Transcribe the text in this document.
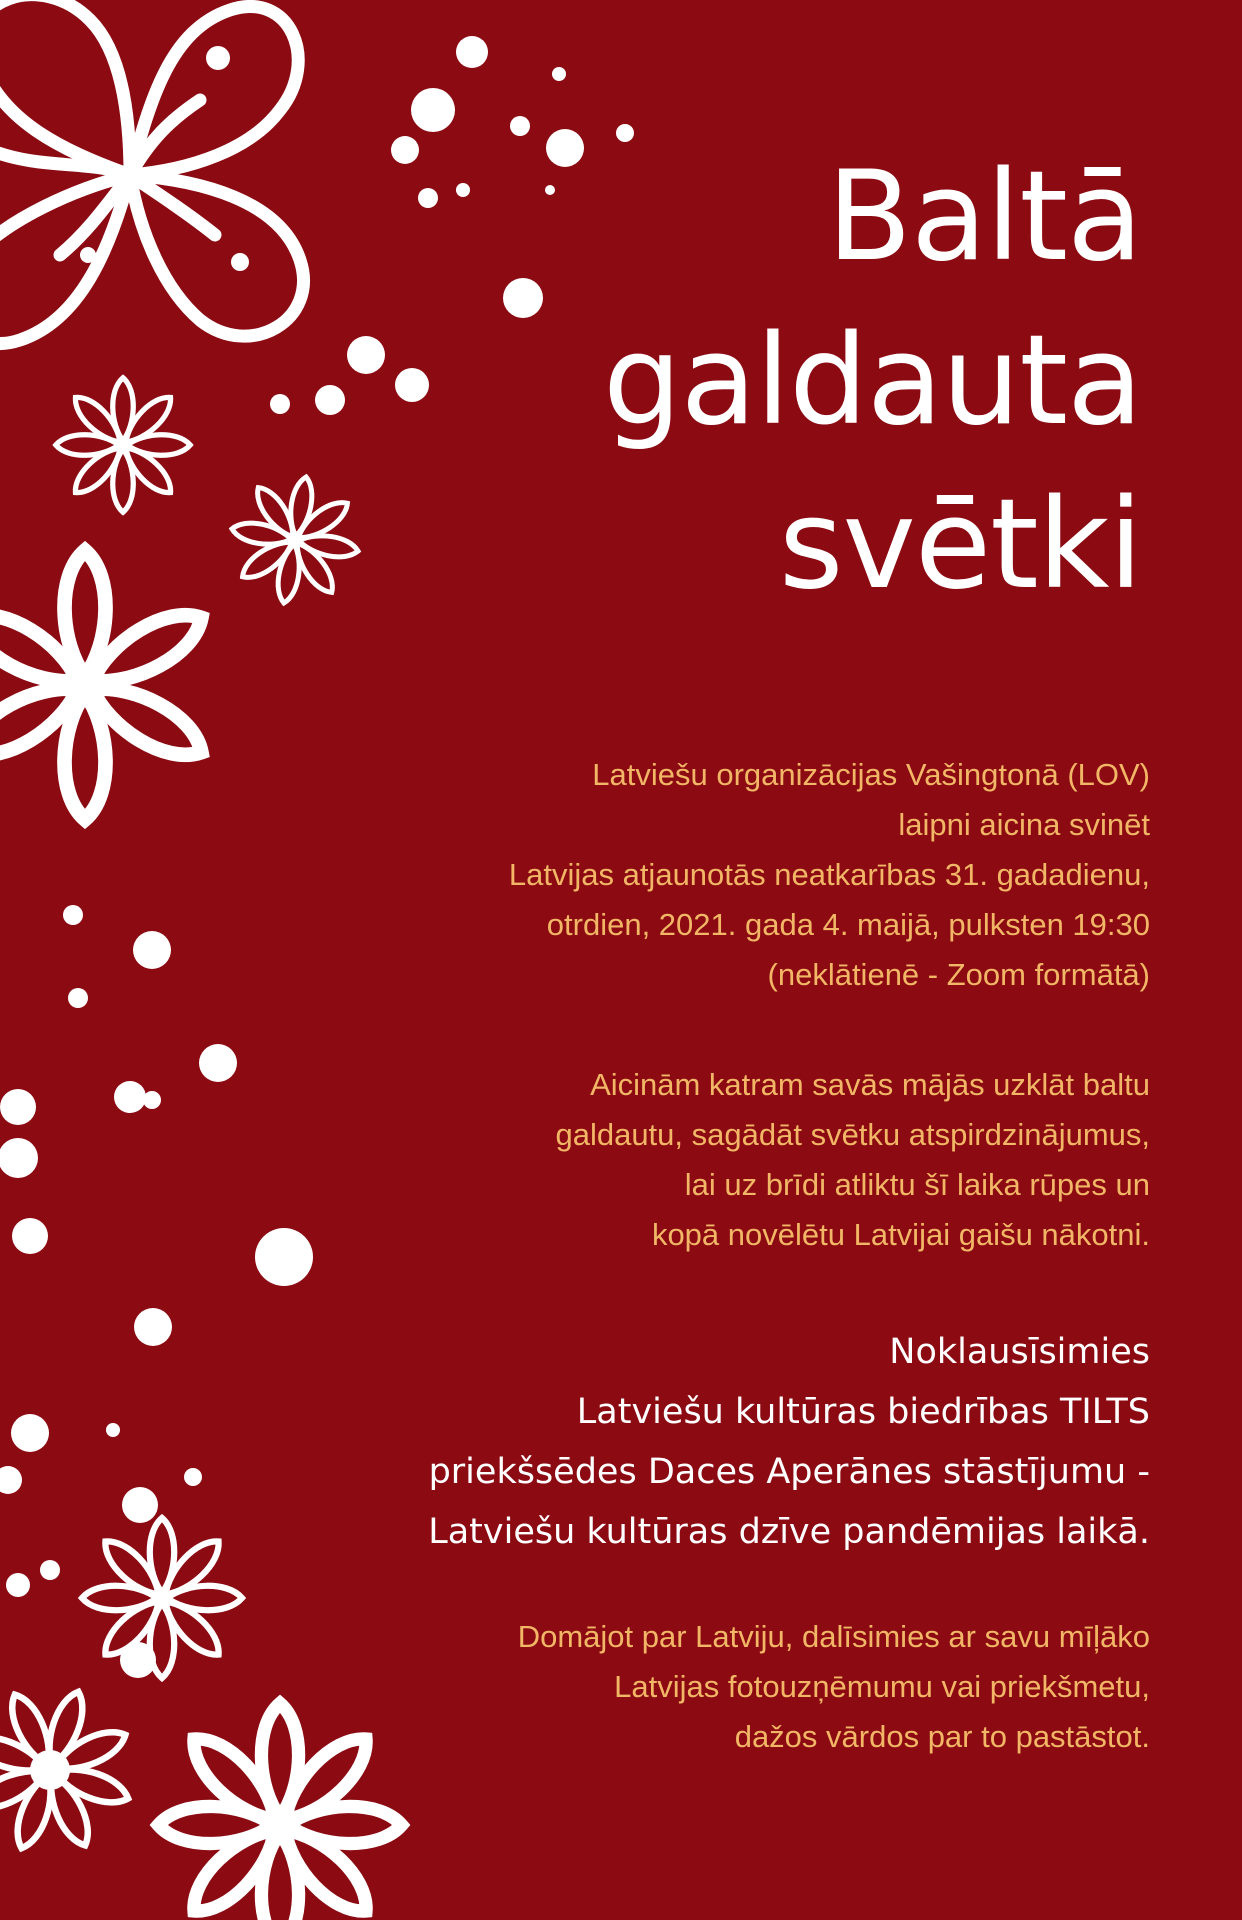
Baltā
galdauta
svētki

Latviešu organizācijas Vašingtonā (LOV)
laipni aicina svinēt
Latvijas atjaunotās neatkarības 31. gadadienu,
otrdien, 2021. gada 4. maijā, pulksten 19:30
(neklātienē - Zoom formātā)

Aicinām katram savās mājās uzklāt baltu
galdautu, sagādāt svētku atspirdzinājumus,
lai uz brīdi atliktu šī laika rūpes un
kopā novēlētu Latvijai gaišu nākotni.

Noklausīsimies
Latviešu kultūras biedrības TILTS
priekšsēdes Daces Aperānes stāstījumu -
Latviešu kultūras dzīve pandēmijas laikā.

Domājot par Latviju, dalīsimies ar savu mīļāko
Latvijas fotouzņēmumu vai priekšmetu,
dažos vārdos par to pastāstot.
